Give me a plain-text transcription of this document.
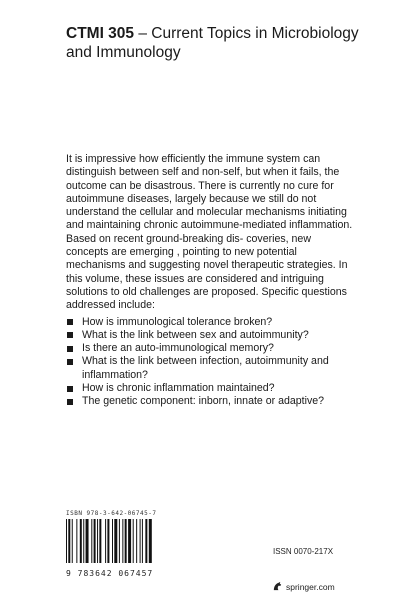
CTMI 305 – Current Topics in Microbiology and Immunology

It is impressive how efficiently the immune system can distinguish between self and non-self, but when it fails, the outcome can be disastrous. There is currently no cure for autoimmune diseases, largely because we still do not understand the cellular and molecular mechanisms initiating and maintaining chronic autoimmune-mediated inflammation. Based on recent ground-breaking dis- coveries, new concepts are emerging , pointing to new potential mechanisms and suggesting novel therapeutic strategies. In this volume, these issues are considered and intriguing solutions to old challenges are proposed. Specific questions addressed include:

How is immunological tolerance broken?
What is the link between sex and autoimmunity?
Is there an auto-immunological memory?
What is the link between infection, autoimmunity and inflammation?
How is chronic inflammation maintained?
The genetic component: inborn, innate or adaptive?
ISBN 978-3-642-06745-7
9 783642 067457
ISSN 0070-217X
springer.com
